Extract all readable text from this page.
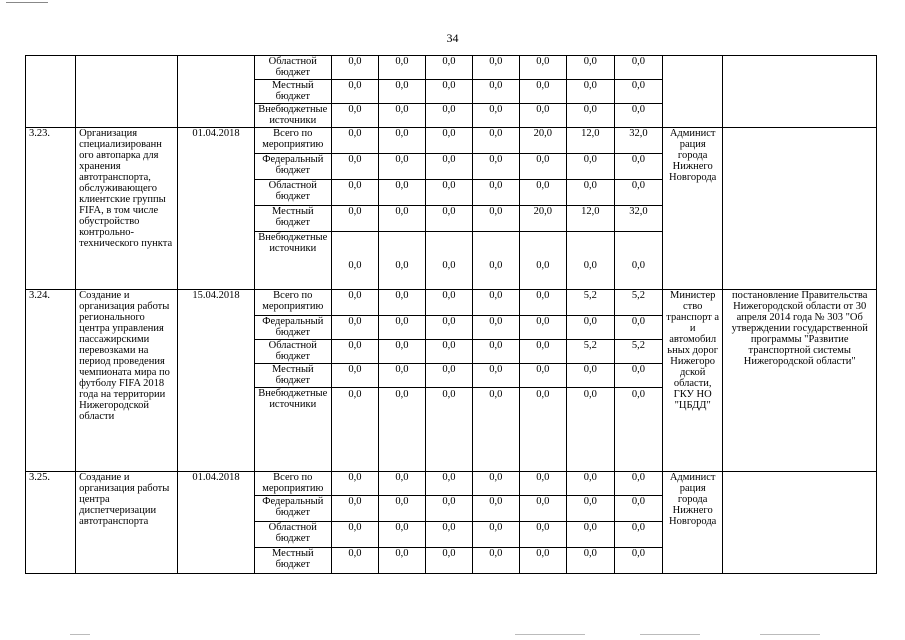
34
			Областной бюджет	0,0	0,0	0,0	0,0	0,0	0,0	0,0		
			Местный бюджет	0,0	0,0	0,0	0,0	0,0	0,0	0,0		
			Внебюджетные источники	0,0	0,0	0,0	0,0	0,0	0,0	0,0		
3.23.	Организация специализированн ого автопарка для хранения автотранспорта, обслуживающего клиентские группы FIFA, в том числе обустройство контрольно-технического пункта	01.04.2018	Всего по мероприятию	0,0	0,0	0,0	0,0	20,0	12,0	32,0	Админист рация города Нижнего Новгорода	
			Федеральный бюджет	0,0	0,0	0,0	0,0	0,0	0,0	0,0		
			Областной бюджет	0,0	0,0	0,0	0,0	0,0	0,0	0,0		
			Местный бюджет	0,0	0,0	0,0	0,0	20,0	12,0	32,0		
			Внебюджетные источники	0,0	0,0	0,0	0,0	0,0	0,0	0,0		
3.24.	Создание и организация работы регионального центра управления пассажирскими перевозками на период проведения чемпионата мира по футболу FIFA 2018 года на территории Нижегородской области	15.04.2018	Всего по мероприятию	0,0	0,0	0,0	0,0	0,0	5,2	5,2	Министер ство транспорт а и автомобил ьных дорог Нижегоро дской области, ГКУ НО "ЦБДД"	постановление Правительства Нижегородской области от 30 апреля 2014 года № 303 "Об утверждении государственной программы "Развитие транспортной системы Нижегородской области"
			Федеральный бюджет	0,0	0,0	0,0	0,0	0,0	0,0	0,0		
			Областной бюджет	0,0	0,0	0,0	0,0	0,0	5,2	5,2		
			Местный бюджет	0,0	0,0	0,0	0,0	0,0	0,0	0,0		
			Внебюджетные источники	0,0	0,0	0,0	0,0	0,0	0,0	0,0		
3.25.	Создание и организация работы центра диспетчеризации автотранспорта	01.04.2018	Всего по мероприятию	0,0	0,0	0,0	0,0	0,0	0,0	0,0	Админист рация города Нижнего Новгорода	
			Федеральный бюджет	0,0	0,0	0,0	0,0	0,0	0,0	0,0		
			Областной бюджет	0,0	0,0	0,0	0,0	0,0	0,0	0,0		
			Местный бюджет	0,0	0,0	0,0	0,0	0,0	0,0	0,0		
